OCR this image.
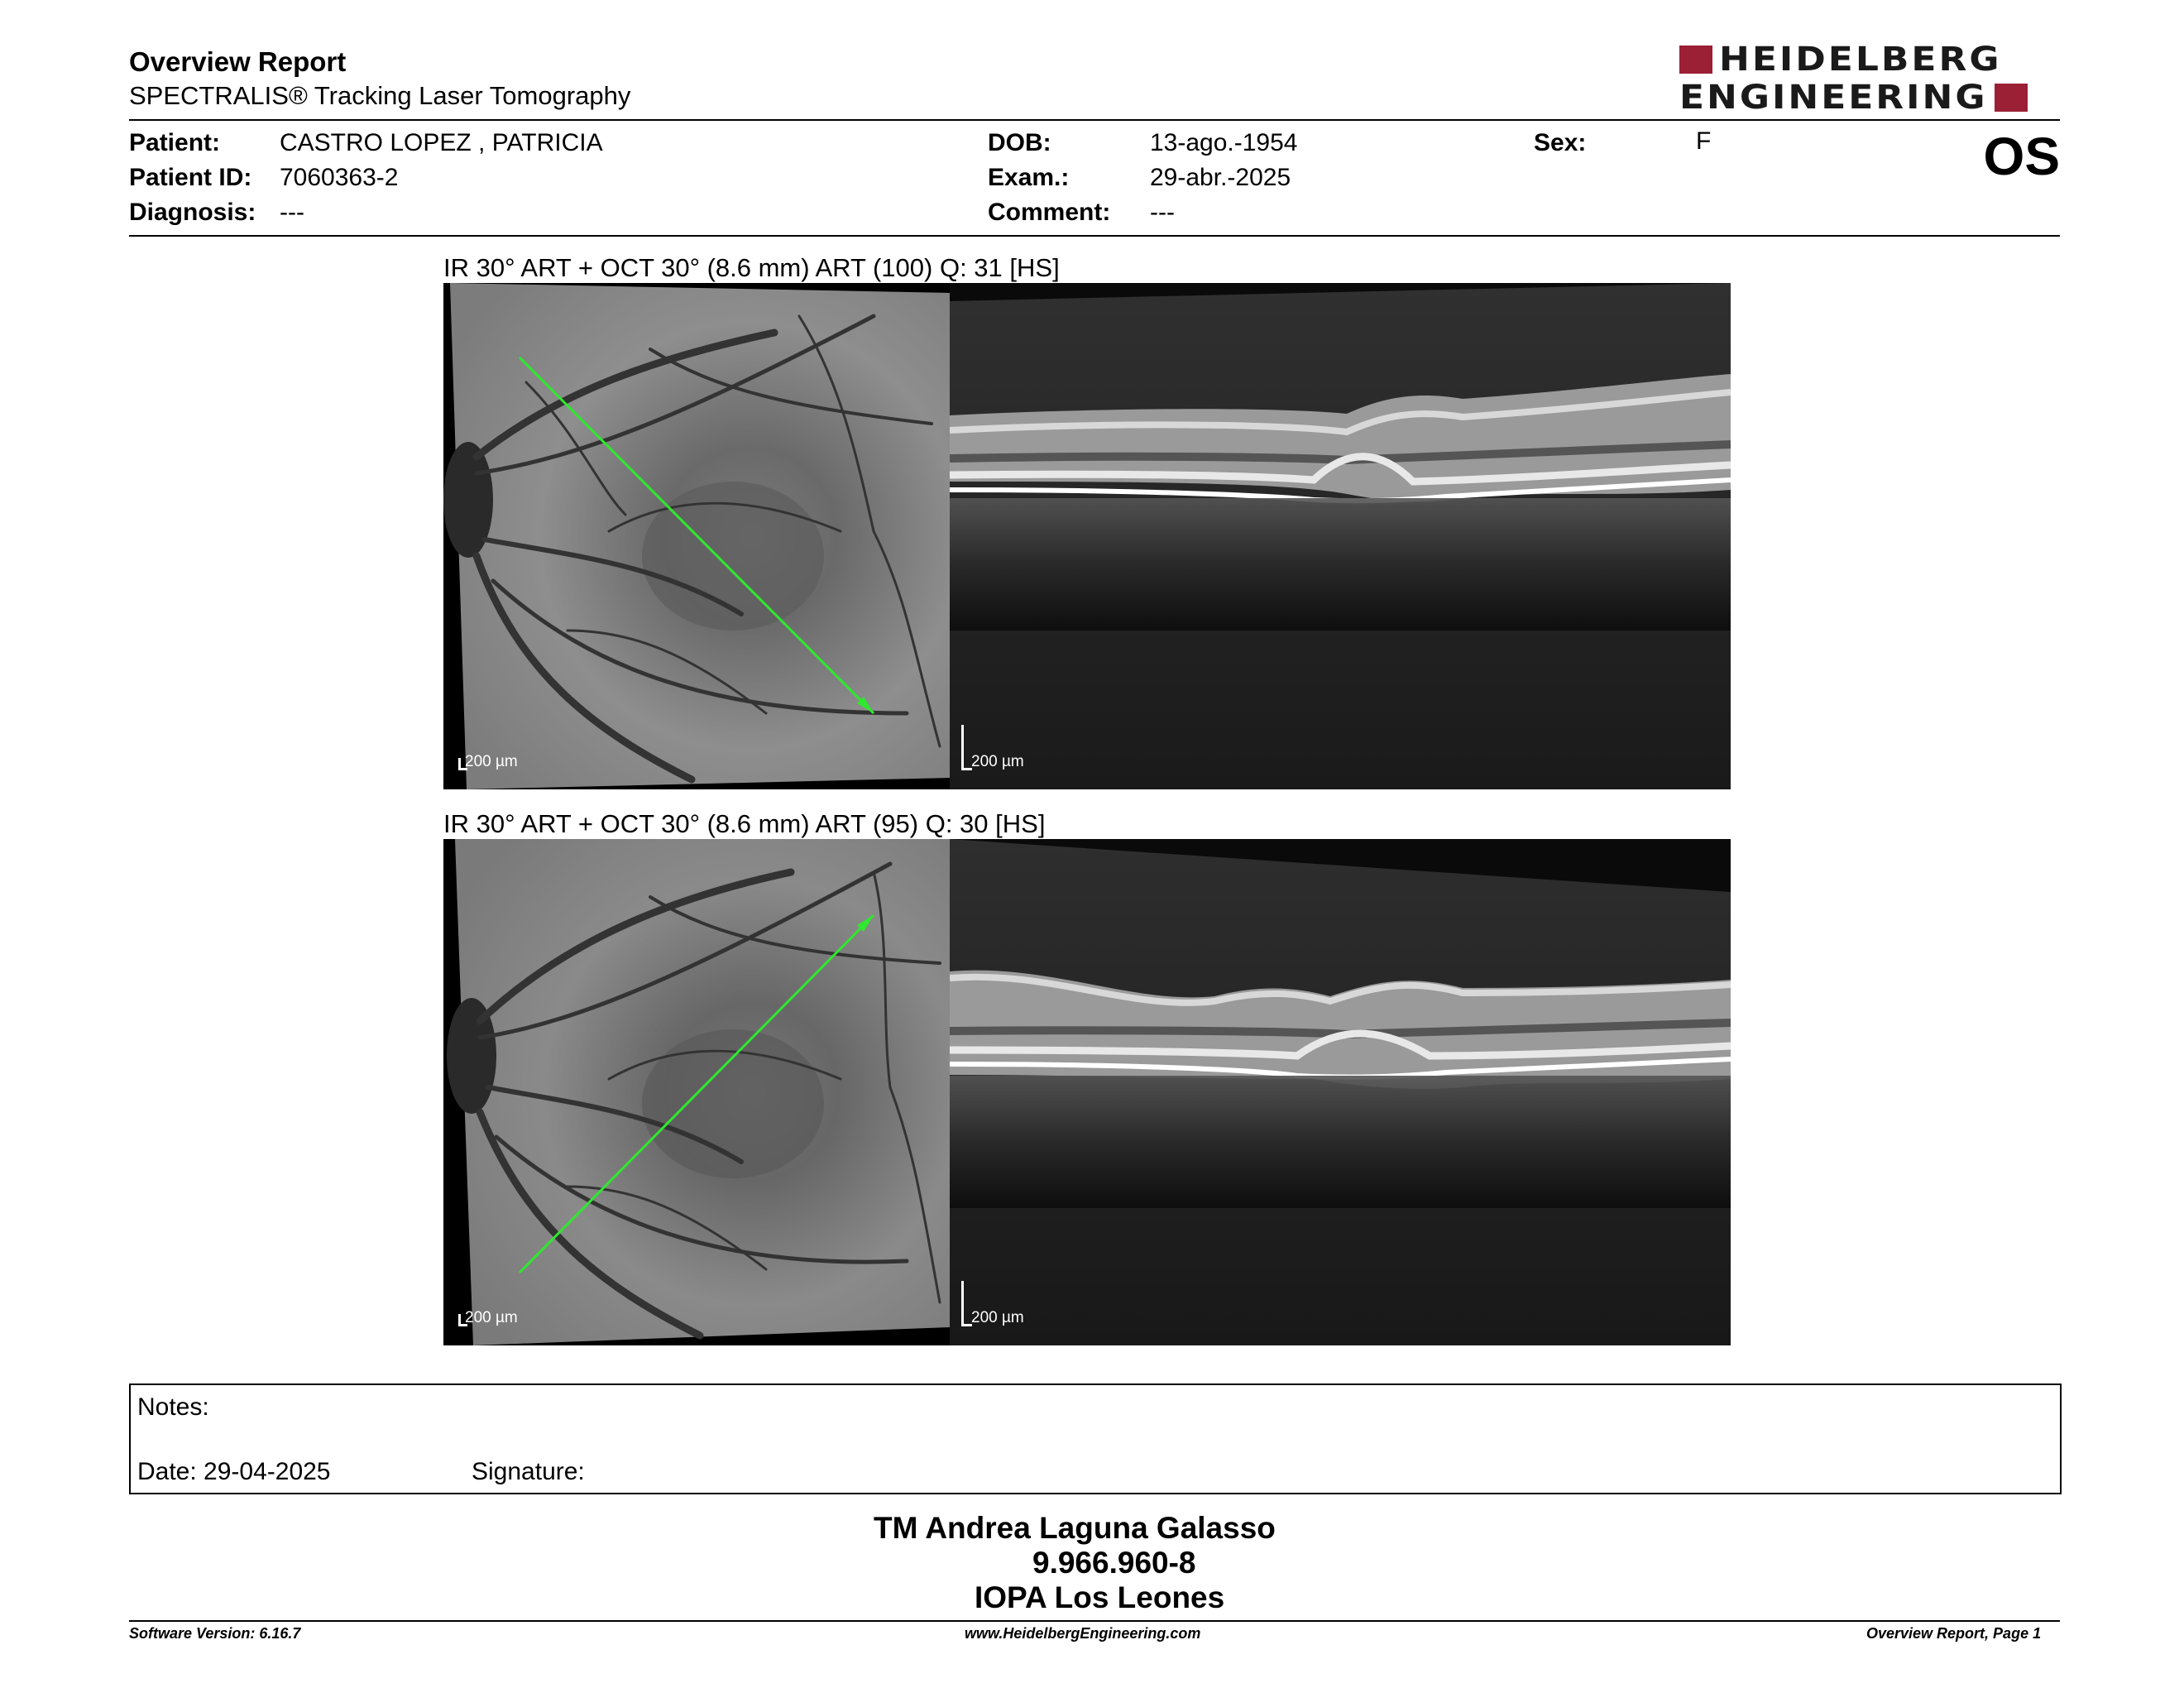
Overview Report
SPECTRALIS® Tracking Laser Tomography
HEIDELBERG
ENGINEERING
Patient: CASTRO LOPEZ , PATRICIA
Patient ID: 7060363-2
Diagnosis: ---
DOB:	13-ago.-1954
Exam.:	29-abr.-2025
Comment: ---
Sex:	F	OS
IR 30° ART + OCT 30° (8.6 mm) ART (100) Q: 31 [HS]
200 µm	200 µm
IR 30° ART + OCT 30° (8.6 mm) ART (95) Q: 30 [HS]
200 µm	200 µm
Notes:
Date: 29-04-2025	Signature:
TM Andrea Laguna Galasso
9.966.960-8
IOPA Los Leones
Software Version: 6.16.7	www.HeidelbergEngineering.com	Overview Report, Page 1
